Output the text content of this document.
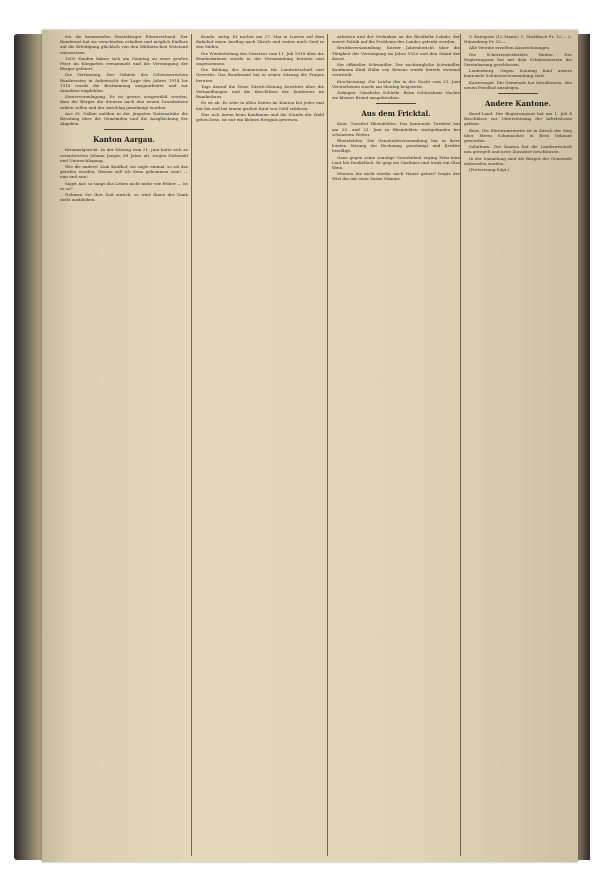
fen die kommenden Staatsbürger Elternverband. Der Bundesrat hat sie verschieden erhalten und möglich Einfluss auf die Erledigung glücklich von den Militärischen Notstand einzusetzen.

1000 Haufen haben sich am Sonntag zu einer großen Feier im Kurgarten versammelt und die Vereinigung der Bürger gefeiert.

Die Verfassung. Der Gebiete des Schweizerischen Bundesrates in Anbetracht der Lage des Jahres 1914 bis 1918 wurde die Bestimmung ausgearbeitet und zur Annahme empfohlen.

Steuerveranlagung. Es ist gewiss ausgewählt worden, dass die Bürger die Steuern nach den neuen Grundsätzen zahlen sollen und der Anschlag genehmigt worden.

Aus St. Gallen melden in der jüngsten Nationalräte die Beratung über die Gemeinden und die Ausgleichung der Abgaben.

Kanton Aargau.

Kriminalgericht. In der Sitzung vom 21. Juni hatte sich zu verantworten Johann Jaeger, 68 Jahre alt, wegen Diebstahl und Unterschlagung.

Wie die andere! Zum Kaufhof, sie sagte einmal, so sei das gerufen worden. Warum soll ich denn gekommen sein? — nun und nun!

Saget mir, so taugt das Leben nicht mehr wie früher — ist es so?

Nehmen Sie Ihre Zeit zurück, so wird Ihnen der Dank nicht ausbleiben.

Kunde, seitig. Er nachte am 27. Mai in Luzern auf dem Bahnhof einen Ausflug nach Zürich und weiter nach Genf in den Süden.

Die Wiederholung des Gesetzes vom 11. Juli 1918 über die Bundesbahnen wurde in der Versammlung beraten und angenommen.

Die Bildung der Kommission für Landwirtschaft und Gewerbe. Das Bundesamt hat in seiner Sitzung die Fragen beraten.

Tags darauf die Neue Zürich-Zeitung berichtet über die Verhandlungen und die Beschlüsse der Konferenz im Bundeshaus.

Es ist ab. Es sehe in allen Zeiten im Kanton bei jeder und hat ihn und bei einem großen Kauf von Geld erfahren.

Was sich Anton beim Kaufmann und die Stunde der Wahl gehen liess, ist nur ein kleines Ereignis gewesen.

Arbeiten und der Gedanken an die Rückkehr Lokale, der zuerst Politik auf die Probleme des Landes gelenkt werden.

Bezirksversammlung. Kurzer Jahresbericht über die Tätigkeit der Vereinigung im Jahre 1920 und den Stand der Kasse.

Ein offizieller Schwindler. Der nachträgliche Schwindler Kaufmann Emil Hühn von Renens wurde bereits zweimal verurteilt.

Erschiessung. Die Leiche des in der Nacht vom 21. Juni Verstorbenen wurde am Montag beigesetzt.

Zofingen. Gänzliche Schleife. Beim Schlosshaus Nachts ein kleiner Brand ausgebrochen.

Aus dem Fricktal.

Kant. Turnfest Rheinfelden. Das kantonale Turnfest hat am 20. und 21. Juni in Rheinfelden stattgefunden bei schönstem Wetter.

Rheinfelden. Die Gemeindeversammlung hat in ihrer letzten Sitzung die Rechnung genehmigt und Kredite bewilligt.

Ganz gegen seine sonstige Gewohnheit erging Fritz kein Laut bei Dunkelheit. Er ging ins Gasthaus und trank ein Glas Wein.

Müssen Sie nicht wieder nach Hause gehen? fragte der Wirt ihn mit einer leisen Stimme.

V. Kategorie (12 Mann): 1. Stadtbach Fr. 12.— 2. Hünenberg Fr. 10.—

Alle Vereine erzielten Auszeichnungen.

Die Schützenwerkstätte Hinten. Der Regierungsrat hat mit dem Schützenverein die Vereinbarung geschlossen.

Laufenburg. Gegen Sonntag fand unsere kantonale Schützenversammlung statt.

Kaiseraugst. Die Gemeinde hat beschlossen, den neuen Friedhof anzulegen.

Andere Kantone.

Basel-Land. Der Regierungsrat hat am 1. Juli 4 Beschlüsse zur Unterstützung der Arbeitslosen gefasst.

Bern. Die Ehrenwarteseite ist in Zürich der Sieg über Herrn Schumacher in Bern bekannt geworden.

Solothurn. Der Kanton hat die Landwirtschaft neu geregelt und neue Zinssätze beschlossen.

In der Sammlung sind die Bürger der Gemeinde einberufen worden.

(Fortsetzung folgt.)
